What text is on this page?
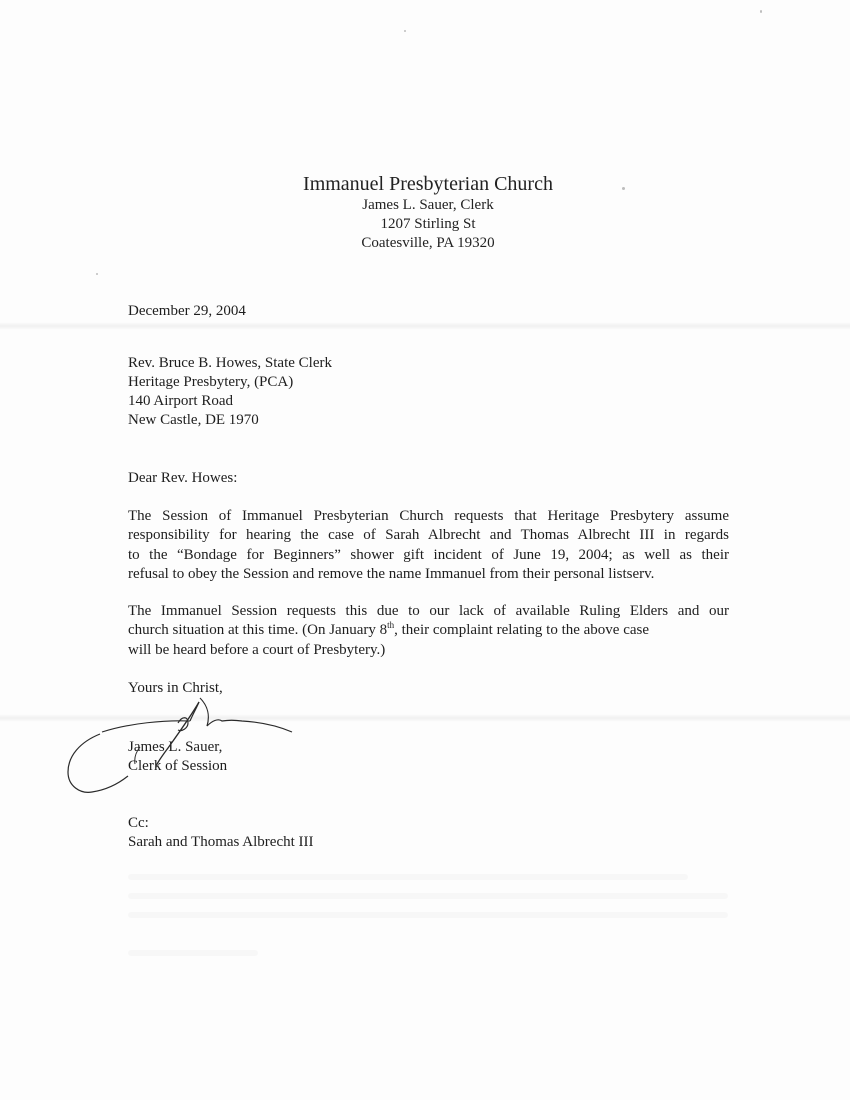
Immanuel Presbyterian Church
James L. Sauer, Clerk
1207 Stirling St
Coatesville, PA 19320
December 29, 2004
Rev. Bruce B. Howes, State Clerk
Heritage Presbytery, (PCA)
140 Airport Road
New Castle, DE 1970
Dear Rev. Howes:
The Session of Immanuel Presbyterian Church requests that Heritage Presbytery assume
responsibility for hearing the case of Sarah Albrecht and Thomas Albrecht III in regards
to the “Bondage for Beginners” shower gift incident of June 19, 2004; as well as their
refusal to obey the Session and remove the name Immanuel from their personal listserv.
The Immanuel Session requests this due to our lack of available Ruling Elders and our
church situation at this time. (On January 8th, their complaint relating to the above case
will be heard before a court of Presbytery.)
Yours in Christ,
James L. Sauer,
Clerk of Session
Cc:
Sarah and Thomas Albrecht III
